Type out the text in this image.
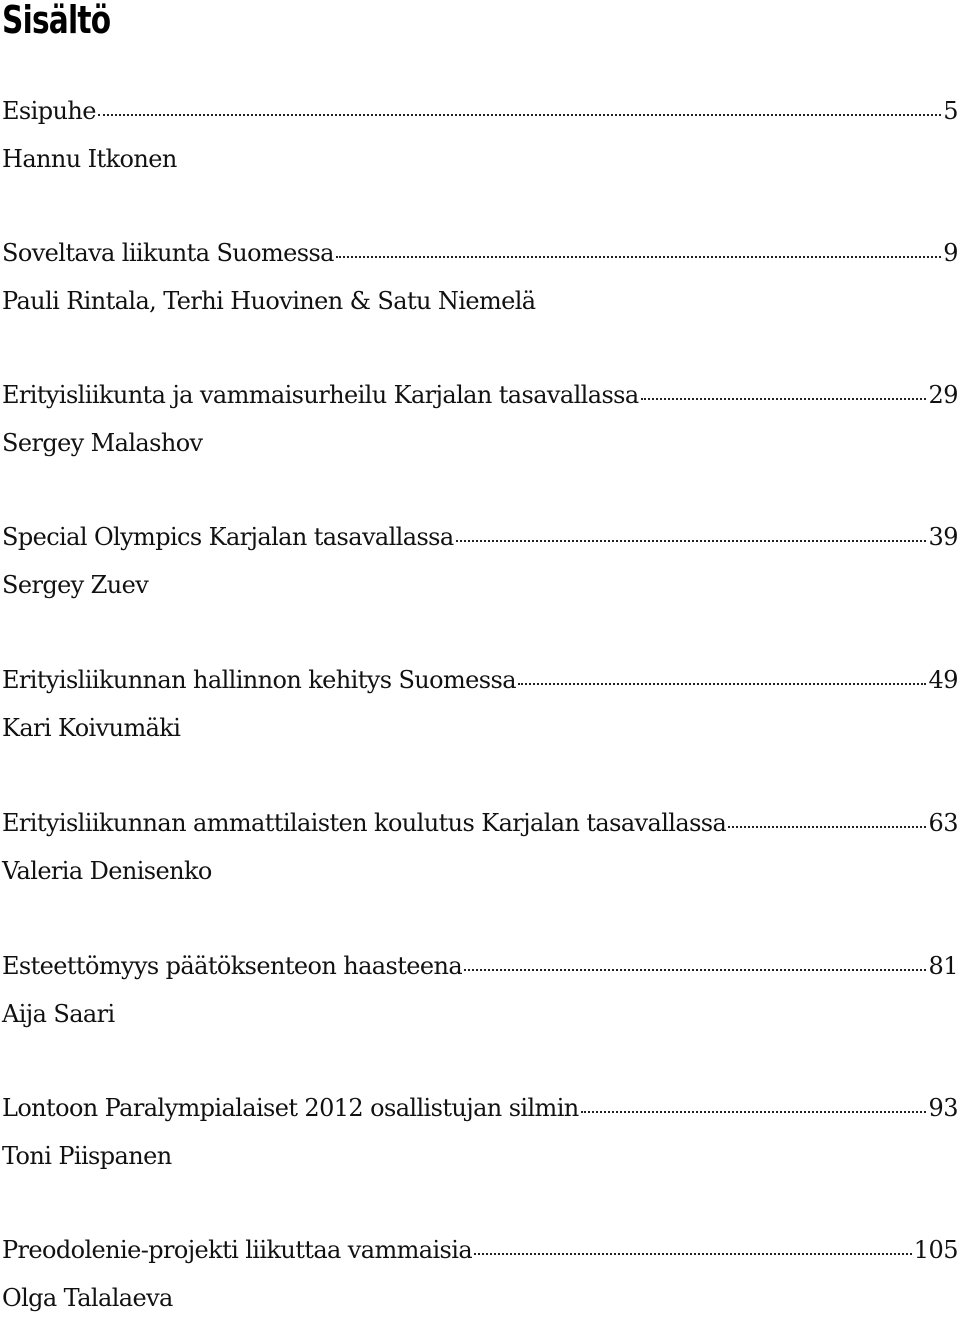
Sisältö
Esipuhe	5
Hannu Itkonen
Soveltava liikunta Suomessa	9
Pauli Rintala, Terhi Huovinen & Satu Niemelä
Erityisliikunta ja vammaisurheilu Karjalan tasavallassa	29
Sergey Malashov
Special Olympics Karjalan tasavallassa	39
Sergey Zuev
Erityisliikunnan hallinnon kehitys Suomessa	49
Kari Koivumäki
Erityisliikunnan ammattilaisten koulutus Karjalan tasavallassa	63
Valeria Denisenko
Esteettömyys päätöksenteon haasteena	81
Aija Saari
Lontoon Paralympialaiset 2012 osallistujan silmin	93
Toni Piispanen
Preodolenie-projekti liikuttaa vammaisia	105
Olga Talalaeva
